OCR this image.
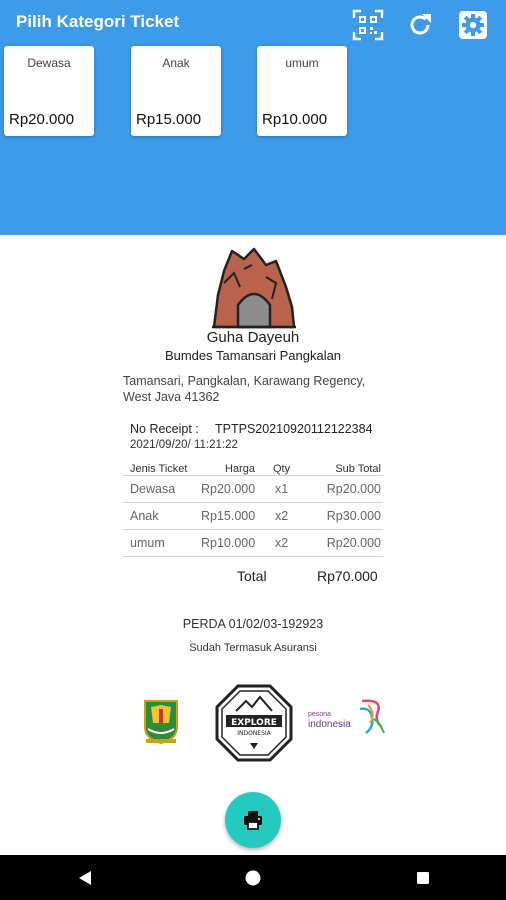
Pilih Kategori Ticket
Dewasa
Rp20.000
Anak
Rp15.000
umum
Rp10.000
Guha Dayeuh
Bumdes Tamansari Pangkalan
Tamansari, Pangkalan, Karawang Regency, West Java 41362
No Receipt : TPTPS20210920112122384
2021/09/20/ 11:21:22
Jenis Ticket	Harga Qty	Sub Total
Dewasa Rp20.000 x1	Rp20.000
Anak	Rp15.000 x2	Rp30.000
umum	Rp10.000 x2	Rp20.000
Total	Rp70.000
PERDA 01/02/03-192923
Sudah Termasuk Asuransi
EXPLORE
INDONESIA
pesona
indonesia
